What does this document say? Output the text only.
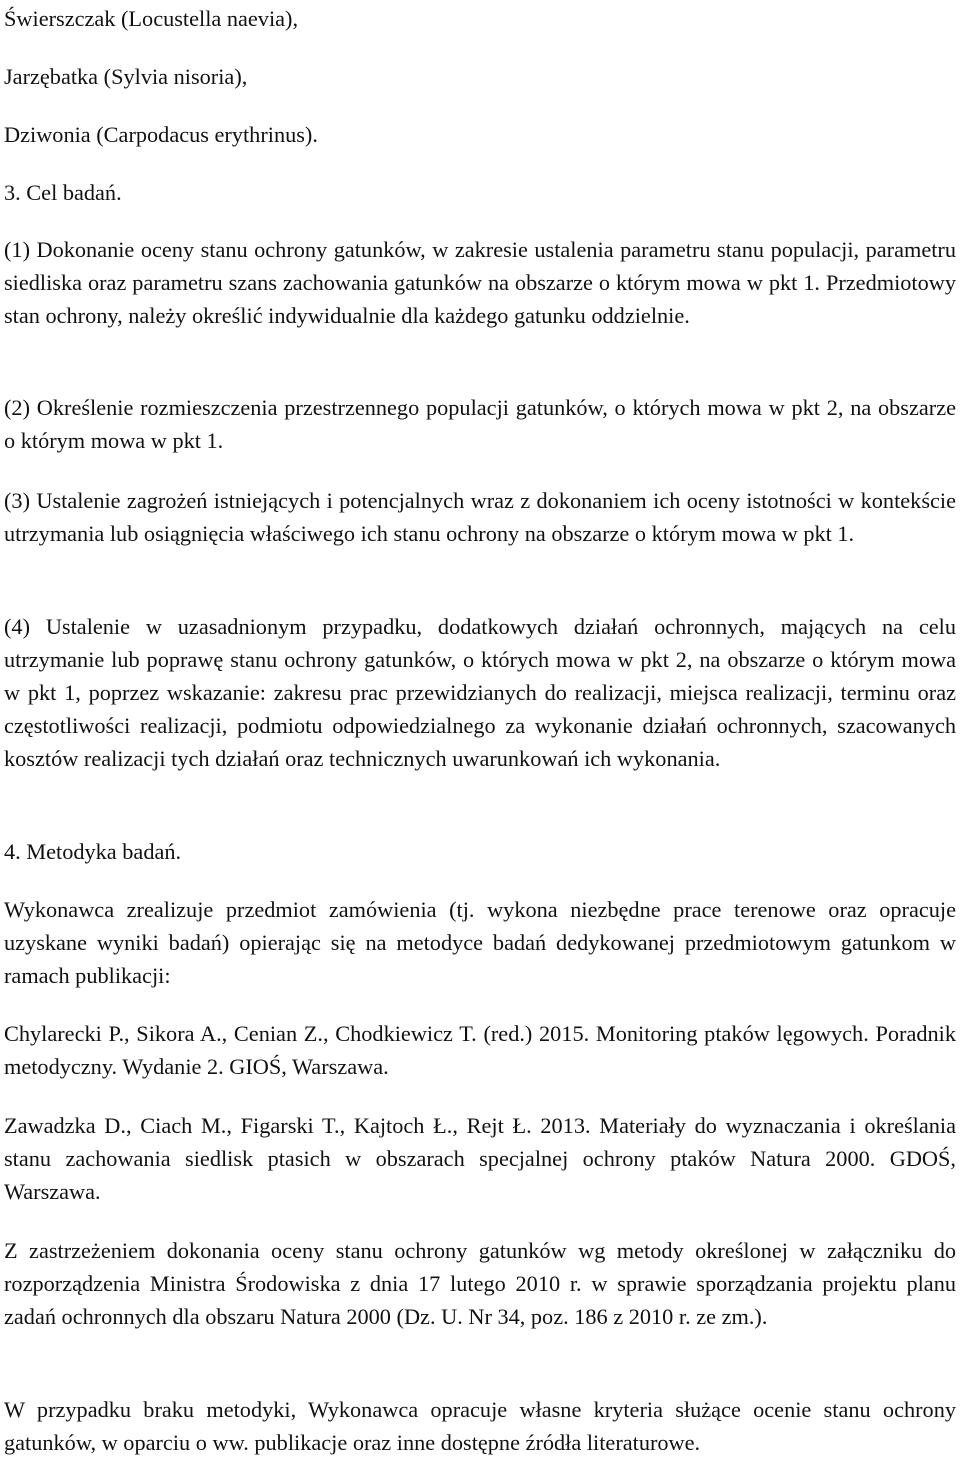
Świerszczak (Locustella naevia),

Jarzębatka (Sylvia nisoria),

Dziwonia (Carpodacus erythrinus).

3. Cel badań.

(1) Dokonanie oceny stanu ochrony gatunków, w zakresie ustalenia parametru stanu populacji, parametru siedliska oraz parametru szans zachowania gatunków na obszarze o którym mowa w pkt 1. Przedmiotowy stan ochrony, należy określić indywidualnie dla każdego gatunku oddzielnie.

(2) Określenie rozmieszczenia przestrzennego populacji gatunków, o których mowa w pkt 2, na obszarze o którym mowa w pkt 1.

(3) Ustalenie zagrożeń istniejących i potencjalnych wraz z dokonaniem ich oceny istotności w kontekście utrzymania lub osiągnięcia właściwego ich stanu ochrony na obszarze o którym mowa w pkt 1.

(4) Ustalenie w uzasadnionym przypadku, dodatkowych działań ochronnych, mających na celu utrzymanie lub poprawę stanu ochrony gatunków, o których mowa w pkt 2, na obszarze o którym mowa w pkt 1, poprzez wskazanie: zakresu prac przewidzianych do realizacji, miejsca realizacji, terminu oraz częstotliwości realizacji, podmiotu odpowiedzialnego za wykonanie działań ochronnych, szacowanych kosztów realizacji tych działań oraz technicznych uwarunkowań ich wykonania.

4. Metodyka badań.

Wykonawca zrealizuje przedmiot zamówienia (tj. wykona niezbędne prace terenowe oraz opracuje uzyskane wyniki badań) opierając się na metodyce badań dedykowanej przedmiotowym gatunkom w ramach publikacji:

Chylarecki P., Sikora A., Cenian Z., Chodkiewicz T. (red.) 2015. Monitoring ptaków lęgowych. Poradnik metodyczny. Wydanie 2. GIOŚ, Warszawa.

Zawadzka D., Ciach M., Figarski T., Kajtoch Ł., Rejt Ł. 2013. Materiały do wyznaczania i określania stanu zachowania siedlisk ptasich w obszarach specjalnej ochrony ptaków Natura 2000. GDOŚ, Warszawa.

Z zastrzeżeniem dokonania oceny stanu ochrony gatunków wg metody określonej w załączniku do rozporządzenia Ministra Środowiska z dnia 17 lutego 2010 r. w sprawie sporządzania projektu planu zadań ochronnych dla obszaru Natura 2000 (Dz. U. Nr 34, poz. 186 z 2010 r. ze zm.).

W przypadku braku metodyki, Wykonawca opracuje własne kryteria służące ocenie stanu ochrony gatunków, w oparciu o ww. publikacje oraz inne dostępne źródła literaturowe.
